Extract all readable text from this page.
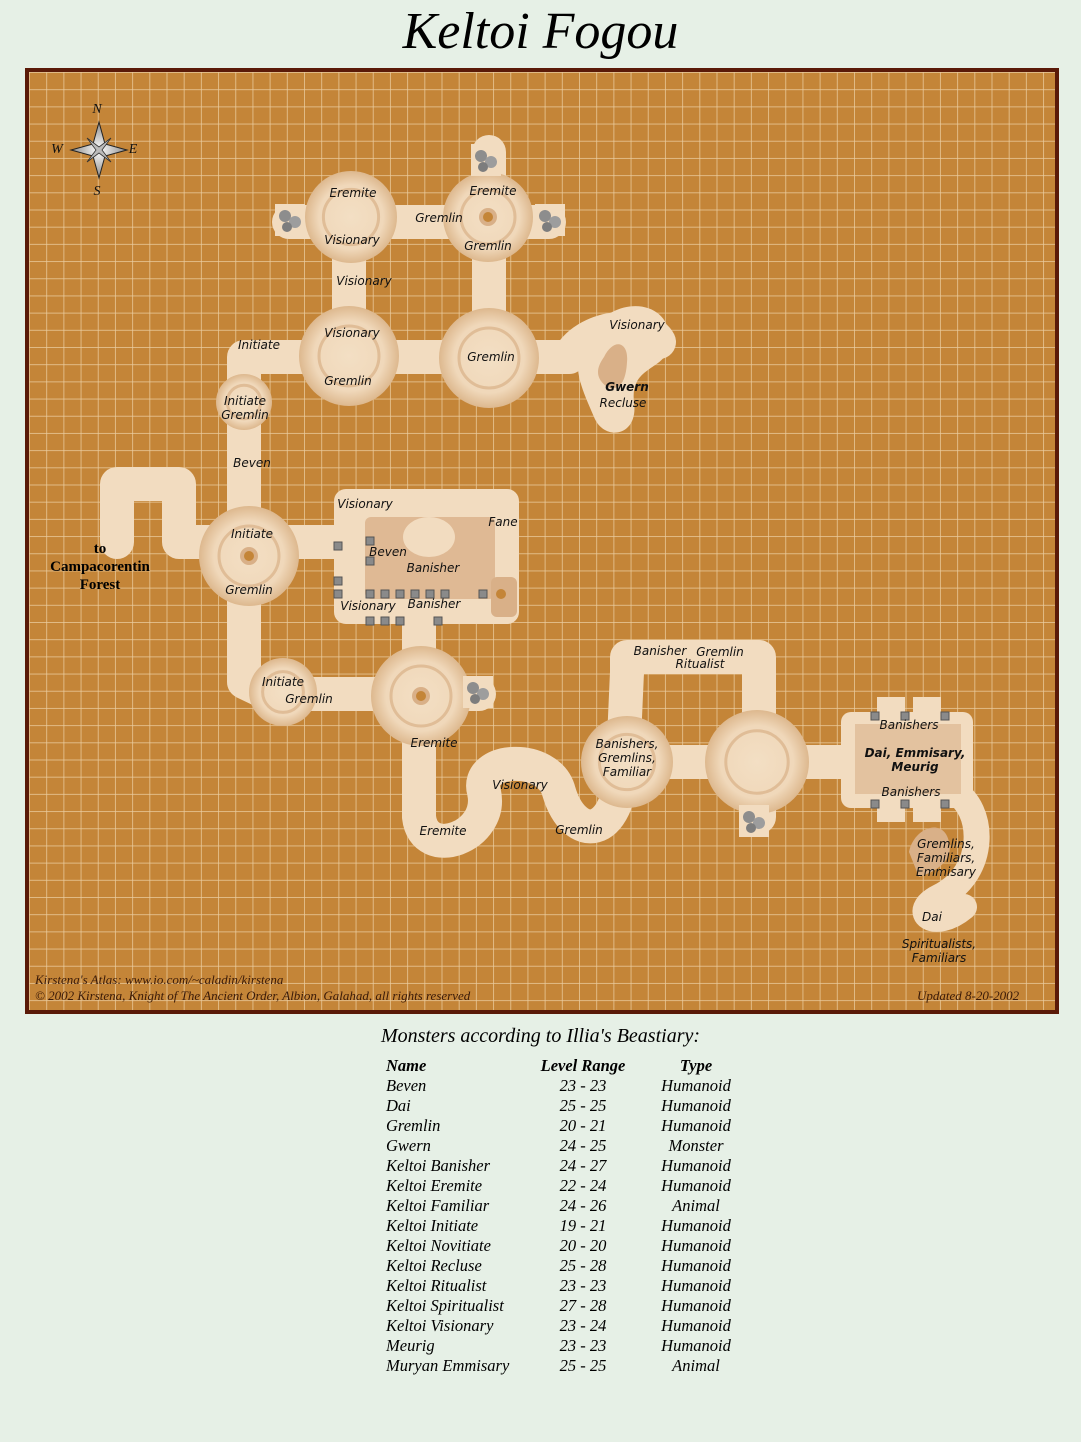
Keltoi Fogou
N
S
W	E
to
Campacorentin
Forest
Eremite
Visionary
Eremite
Gremlin
Gremlin
Visionary
Initiate
Visionary
Gremlin
Gremlin
Visionary
Gwern
Recluse
Initiate
Gremlin
Beven
Initiate
Gremlin
Visionary
Fane
Beven
Banisher
Visionary Banisher
Initiate
Gremlin
Eremite
Eremite
Visionary
Gremlin
Banisher Gremlin
Ritualist
Banishers,
Gremlins,
Familiar
Banishers
Dai, Emmisary,
Meurig
Banishers
Gremlins,
Familiars,
Emmisary
Dai
Spiritualists,
Familiars
Kirstena's Atlas: www.io.com/~caladin/kirstena
© 2002 Kirstena, Knight of The Ancient Order, Albion, Galahad, all rights reserved	Updated 8-20-2002
Monsters according to Illia's Beastiary:
Name	Level Range	Type
Beven	23 - 23	Humanoid
Dai	25 - 25	Humanoid
Gremlin	20 - 21	Humanoid
Gwern	24 - 25	Monster
Keltoi Banisher	24 - 27	Humanoid
Keltoi Eremite	22 - 24	Humanoid
Keltoi Familiar	24 - 26	Animal
Keltoi Initiate	19 - 21	Humanoid
Keltoi Novitiate	20 - 20	Humanoid
Keltoi Recluse	25 - 28	Humanoid
Keltoi Ritualist	23 - 23	Humanoid
Keltoi Spiritualist	27 - 28	Humanoid
Keltoi Visionary	23 - 24	Humanoid
Meurig	23 - 23	Humanoid
Muryan Emmisary	25 - 25	Animal
